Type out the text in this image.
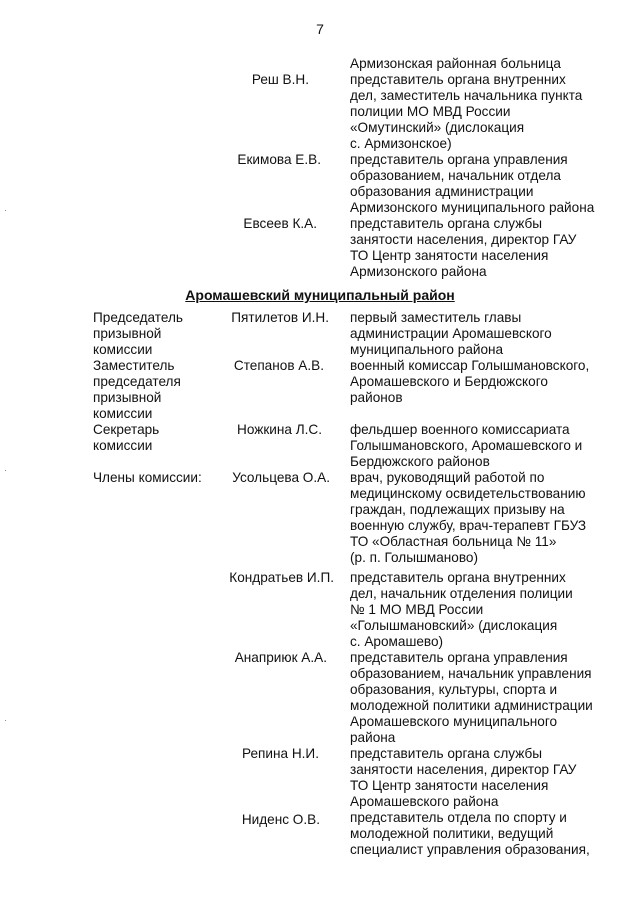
7
Армизонская районная больница
Реш В.Н.	представитель органа внутренних
дел, заместитель начальника пункта
полиции МО МВД России
«Омутинский» (дислокация
с. Армизонское)
Екимова Е.В. представитель органа управления
образованием, начальник отдела
образования администрации
Армизонского муниципального района
Евсеев К.А. представитель органа службы
занятости населения, директор ГАУ
ТО Центр занятости населения
Армизонского района
Аромашевский муниципальный район
Председатель
призывной
комиссии
Заместитель
председателя
призывной
комиссии
Секретарь
комиссии
Члены комиссии:
Пятилетов И.Н. первый заместитель главы
администрации Аромашевского
муниципального района
Степанов А.В. военный комиссар Голышмановского,
Аромашевского и Бердюжского
районов
Ножкина Л.С. фельдшер военного комиссариата
Голышмановского, Аромашевского и
Бердюжского районов
Усольцева О.А. врач, руководящий работой по
медицинскому освидетельствованию
граждан, подлежащих призыву на
военную службу, врач-терапевт ГБУЗ
ТО «Областная больница № 11»
(р. п. Голышманово)
Кондратьев И.П. представитель органа внутренних
дел, начальник отделения полиции
№ 1 МО МВД России
«Голышмановский» (дислокация
с. Аромашево)
Анаприюк А.А. представитель органа управления
образованием, начальник управления
образования, культуры, спорта и
молодежной политики администрации
Аромашевского муниципального
района
Репина Н.И. представитель органа службы
занятости населения, директор ГАУ
ТО Центр занятости населения
Аромашевского района
Ниденс О.В. представитель отдела по спорту и
молодежной политики, ведущий
специалист управления образования,
